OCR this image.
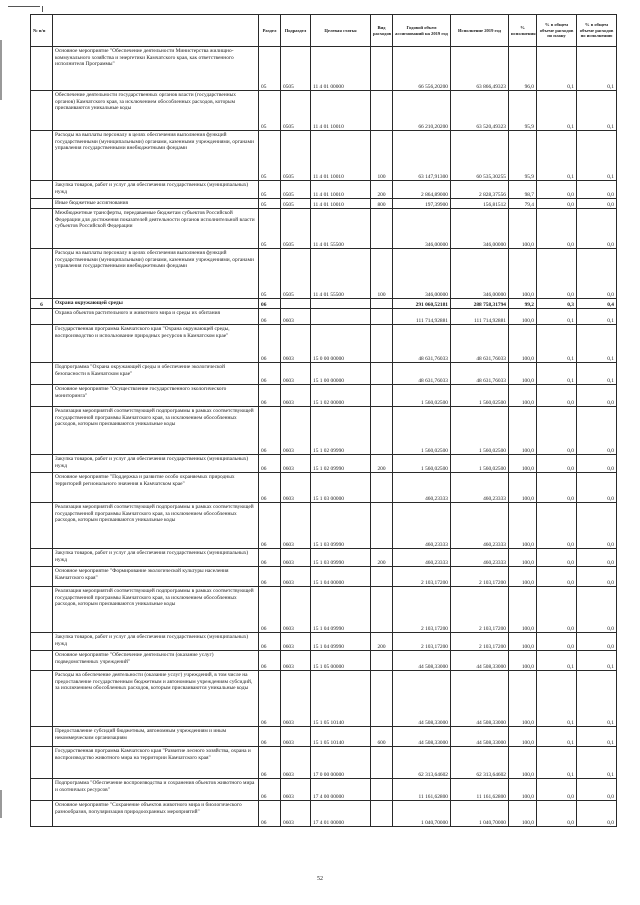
№ п/п		Раздел	Подраздел	Целевая статья	Вид расходов	Годовой объем ассигнований на 2019 год	Исполнение 2019 год	% исполнения	% в общем объеме расходов по плану	% в общем объеме расходов по исполнению
	Основное мероприятие "Обеспечение деятельности Министерства жилищно-коммунального хозяйства и энергетики Камчатского края, как ответственного исполнителя Программы"	05	0505	11 4 01 00000		66 556,20200	63 866,49323	96,0	0,1	0,1
	Обеспечение деятельности государственных органов власти (государственных органов) Камчатского края, за исключением обособленных расходов, которым присваиваются уникальные коды	05	0505	11 4 01 10010		66 210,20200	63 520,49323	95,9	0,1	0,1
	Расходы на выплаты персоналу в целях обеспечения выполнения функций государственными (муниципальными) органами, казенными учреждениями, органами управления государственными внебюджетными фондами	05	0505	11 4 01 10010	100	63 147,91300	60 535,30255	95,9	0,1	0,1
	Закупка товаров, работ и услуг для обеспечения государственных (муниципальных) нужд	05	0505	11 4 01 10010	200	2 864,89000	2 828,37556	98,7	0,0	0,0
	Иные бюджетные ассигнования	05	0505	11 4 01 10010	800	197,39900	156,81512	79,4	0,0	0,0
	Межбюджетные трансферты, передаваемые бюджетам субъектов Российской Федерации для достижения показателей деятельности органов исполнительной власти субъектов Российской Федерации	05	0505	11 4 01 55500		346,00000	346,00000	100,0	0,0	0,0
	Расходы на выплаты персоналу в целях обеспечения выполнения функций государственными (муниципальными) органами, казенными учреждениями, органами управления государственными внебюджетными фондами	05	0505	11 4 01 55500	100	346,00000	346,00000	100,0	0,0	0,0
6	Охрана окружающей среды	06				291 060,52181	288 758,31794	99,2	0,3	0,4
	Охрана объектов растительного и животного мира и среды их обитания	06	0603			111 714,92881	111 714,92881	100,0	0,1	0,1
	Государственная программа Камчатского края "Охрана окружающей среды, воспроизводство и использование природных ресурсов в Камчатском крае"	06	0603	15 0 00 00000		48 631,76033	48 631,76033	100,0	0,1	0,1
	Подпрограмма "Охрана окружающей среды и обеспечение экологической безопасности в Камчатском крае"	06	0603	15 1 00 00000		48 631,76033	48 631,76033	100,0	0,1	0,1
	Основное мероприятие "Осуществление государственного экологического мониторинга"	06	0603	15 1 02 00000		1 560,02500	1 560,02500	100,0	0,0	0,0
	Реализация мероприятий соответствующей подпрограммы в рамках соответствующей государственной программы Камчатского края, за исключением обособленных расходов, которым присваиваются уникальные коды	06	0603	15 1 02 09990		1 560,02500	1 560,02500	100,0	0,0	0,0
	Закупка товаров, работ и услуг для обеспечения государственных (муниципальных) нужд	06	0603	15 1 02 09990	200	1 560,02500	1 560,02500	100,0	0,0	0,0
	Основное мероприятие "Поддержка и развитие особо охраняемых природных территорий регионального значения в Камчатском крае"	06	0603	15 1 03 00000		460,23333	460,23333	100,0	0,0	0,0
	Реализация мероприятий соответствующей подпрограммы в рамках соответствующей государственной программы Камчатского края, за исключением обособленных расходов, которым присваиваются уникальные коды	06	0603	15 1 03 09990		460,23333	460,23333	100,0	0,0	0,0
	Закупка товаров, работ и услуг для обеспечения государственных (муниципальных) нужд	06	0603	15 1 03 09990	200	460,23333	460,23333	100,0	0,0	0,0
	Основное мероприятие "Формирование экологической культуры населения Камчатского края"	06	0603	15 1 04 00000		2 103,17200	2 103,17200	100,0	0,0	0,0
	Реализация мероприятий соответствующей подпрограммы в рамках соответствующей государственной программы Камчатского края, за исключением обособленных расходов, которым присваиваются уникальные коды	06	0603	15 1 04 09990		2 103,17200	2 103,17200	100,0	0,0	0,0
	Закупка товаров, работ и услуг для обеспечения государственных (муниципальных) нужд	06	0603	15 1 04 09990	200	2 103,17200	2 103,17200	100,0	0,0	0,0
	Основное мероприятие "Обеспечение деятельности (оказание услуг) подведомственных учреждений"	06	0603	15 1 05 00000		44 508,33000	44 508,33000	100,0	0,1	0,1
	Расходы на обеспечение деятельности (оказание услуг) учреждений, в том числе на предоставление государственным бюджетным и автономным учреждениям субсидий, за исключением обособленных расходов, которым присваиваются уникальные коды	06	0603	15 1 05 10140		44 508,33000	44 508,33000	100,0	0,1	0,1
	Предоставление субсидий бюджетным, автономным учреждениям и иным некоммерческим организациям	06	0603	15 1 05 10140	600	44 508,33000	44 508,33000	100,0	0,1	0,1
	Государственная программа Камчатского края "Развитие лесного хозяйства, охрана и воспроизводство животного мира на территории Камчатского края"	06	0603	17 0 00 00000		62 313,64602	62 313,64602	100,0	0,1	0,1
	Подпрограмма "Обеспечение воспроизводства и сохранения объектов животного мира и охотничьих ресурсов"	06	0603	17 4 00 00000		11 161,62800	11 161,62800	100,0	0,0	0,0
	Основное мероприятие "Сохранение объектов животного мира и биологического разнообразия, популяризация природоохранных мероприятий"	06	0603	17 4 01 00000		1 040,70000	1 040,70000	100,0	0,0	0,0
52
